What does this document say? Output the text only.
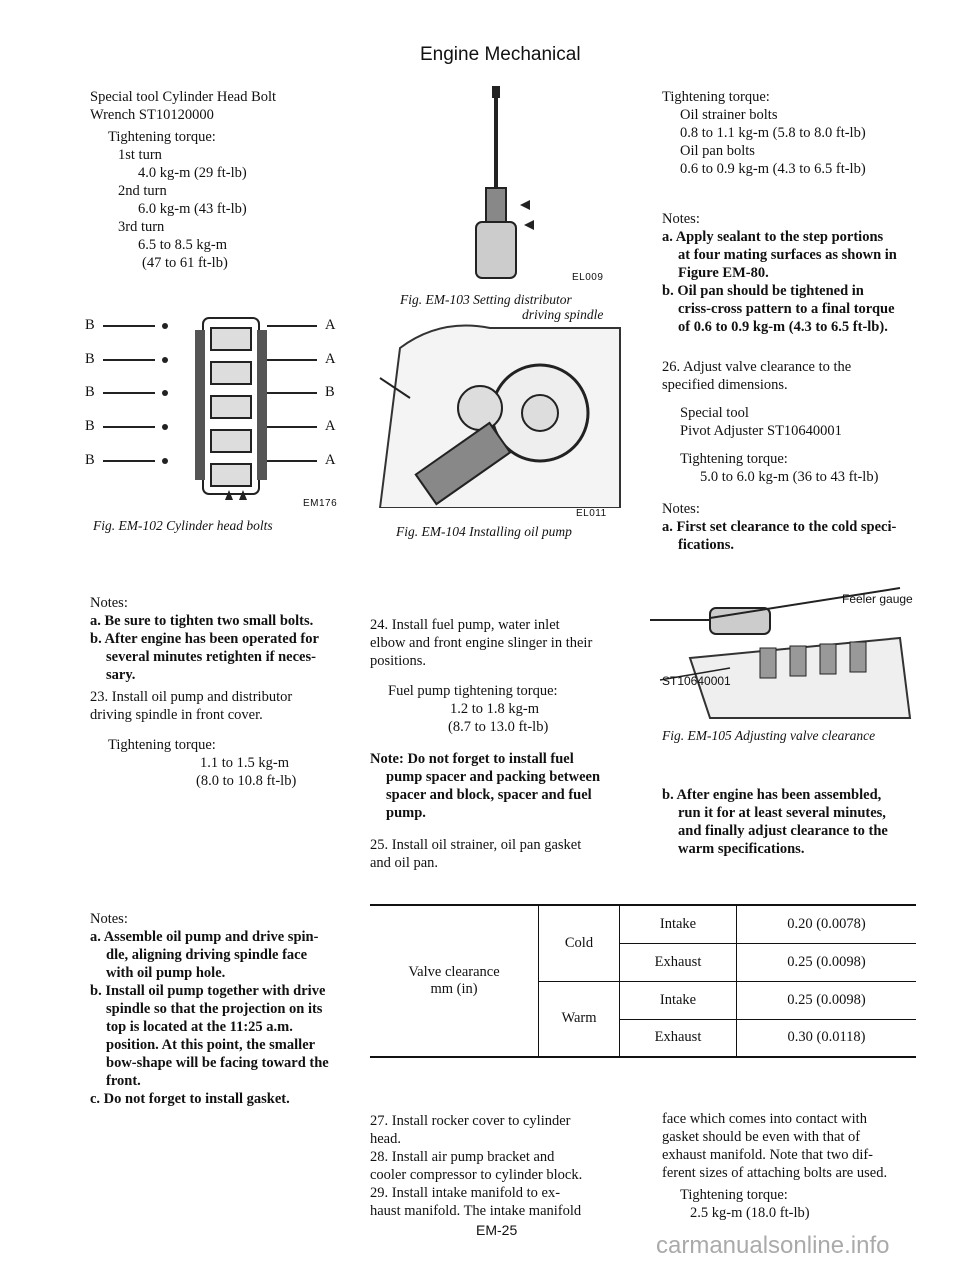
Engine Mechanical
Special tool Cylinder Head Bolt
Wrench ST10120000
Tightening torque:
1st turn
4.0 kg-m (29 ft-lb)
2nd turn
6.0 kg-m (43 ft-lb)
3rd turn
6.5 to 8.5 kg-m
(47 to 61 ft-lb)
B
B
B
B
B
A
A
B
A
A
EM176
Fig. EM-102 Cylinder head bolts
Notes:
a. Be sure to tighten two small bolts.
b. After engine has been operated for
several minutes retighten if neces-
sary.
23. Install oil pump and distributor
driving spindle in front cover.
Tightening torque:
1.1 to 1.5 kg-m
(8.0 to 10.8 ft-lb)
Notes:
a. Assemble oil pump and drive spin-
dle, aligning driving spindle face
with oil pump hole.
b. Install oil pump together with drive
spindle so that the projection on its
top is located at the 11:25 a.m.
position. At this point, the smaller
bow-shape will be facing toward the
front.
c. Do not forget to install gasket.
EL009
Fig. EM-103 Setting distributor
driving spindle
EL011
Fig. EM-104 Installing oil pump
24. Install fuel pump, water inlet
elbow and front engine slinger in their
positions.
Fuel pump tightening torque:
1.2 to 1.8 kg-m
(8.7 to 13.0 ft-lb)
Note: Do not forget to install fuel
pump spacer and packing between
spacer and block, spacer and fuel
pump.
25. Install oil strainer, oil pan gasket
and oil pan.
Valve clearance
mm (in)	Cold	Intake	0.20 (0.0078)
		Exhaust	0.25 (0.0098)
	Warm	Intake	0.25 (0.0098)
		Exhaust	0.30 (0.0118)
27. Install rocker cover to cylinder
head.
28. Install air pump bracket and
cooler compressor to cylinder block.
29. Install intake manifold to ex-
haust manifold. The intake manifold
EM-25
Tightening torque:
Oil strainer bolts
0.8 to 1.1 kg-m (5.8 to 8.0 ft-lb)
Oil pan bolts
0.6 to 0.9 kg-m (4.3 to 6.5 ft-lb)
Notes:
a. Apply sealant to the step portions
at four mating surfaces as shown in
Figure EM-80.
b. Oil pan should be tightened in
criss-cross pattern to a final torque
of 0.6 to 0.9 kg-m (4.3 to 6.5 ft-lb).
26. Adjust valve clearance to the
specified dimensions.
Special tool
Pivot Adjuster ST10640001
Tightening torque:
5.0 to 6.0 kg-m (36 to 43 ft-lb)
Notes:
a. First set clearance to the cold speci-
fications.
Feeler gauge
ST10640001
Fig. EM-105 Adjusting valve clearance
b. After engine has been assembled,
run it for at least several minutes,
and finally adjust clearance to the
warm specifications.
face which comes into contact with
gasket should be even with that of
exhaust manifold. Note that two dif-
ferent sizes of attaching bolts are used.
Tightening torque:
2.5 kg-m (18.0 ft-lb)
carmanualsonline.info
